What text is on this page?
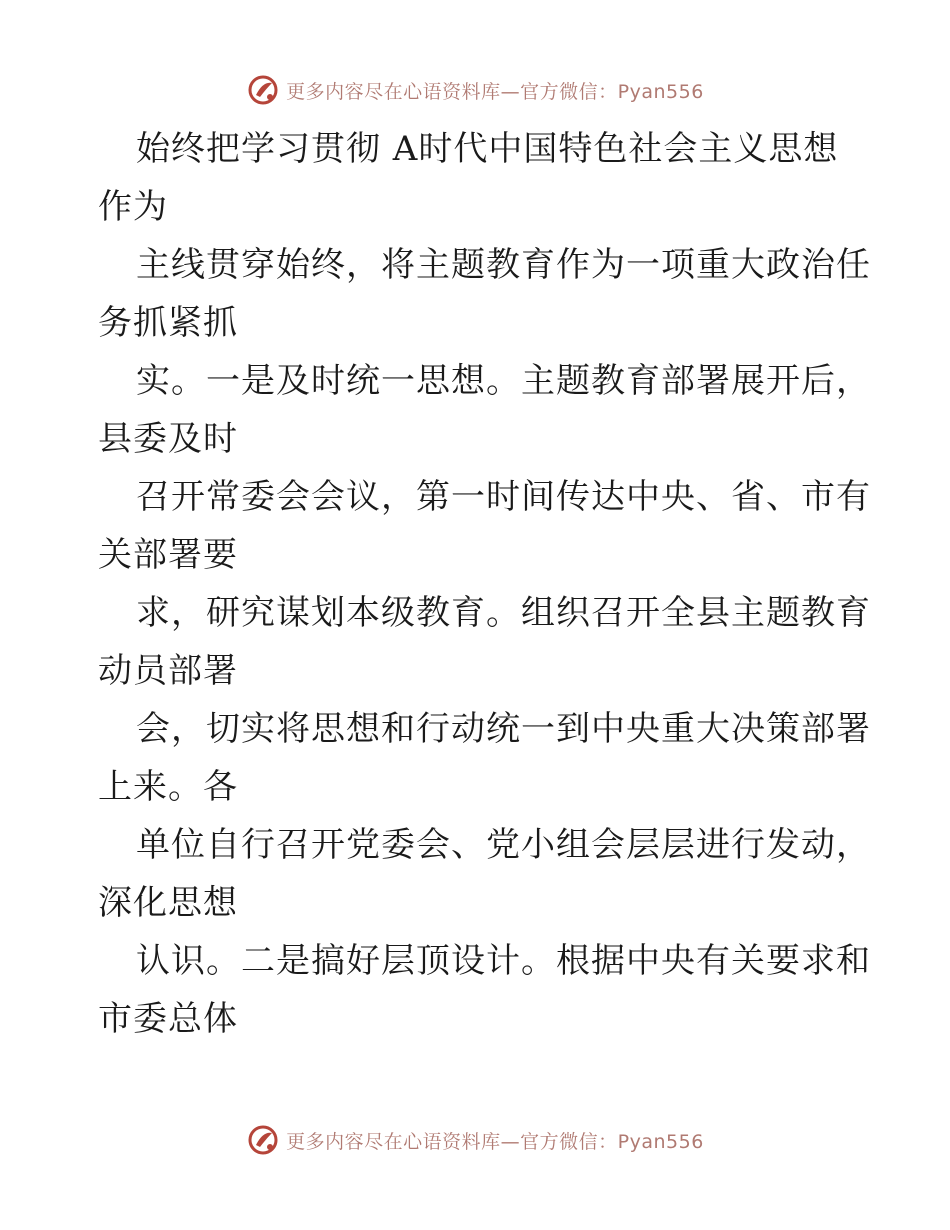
更多内容尽在心语资料库—官方微信：Pyan556
始终把学习贯彻 A时代中国特色社会主义思想
作为
主线贯穿始终，将主题教育作为一项重大政治任
务抓紧抓
实。一是及时统一思想。主题教育部署展开后，
县委及时
召开常委会会议，第一时间传达中央、省、市有
关部署要
求，研究谋划本级教育。组织召开全县主题教育
动员部署
会，切实将思想和行动统一到中央重大决策部署
上来。各
单位自行召开党委会、党小组会层层进行发动，
深化思想
认识。二是搞好层顶设计。根据中央有关要求和
市委总体
更多内容尽在心语资料库—官方微信：Pyan556
